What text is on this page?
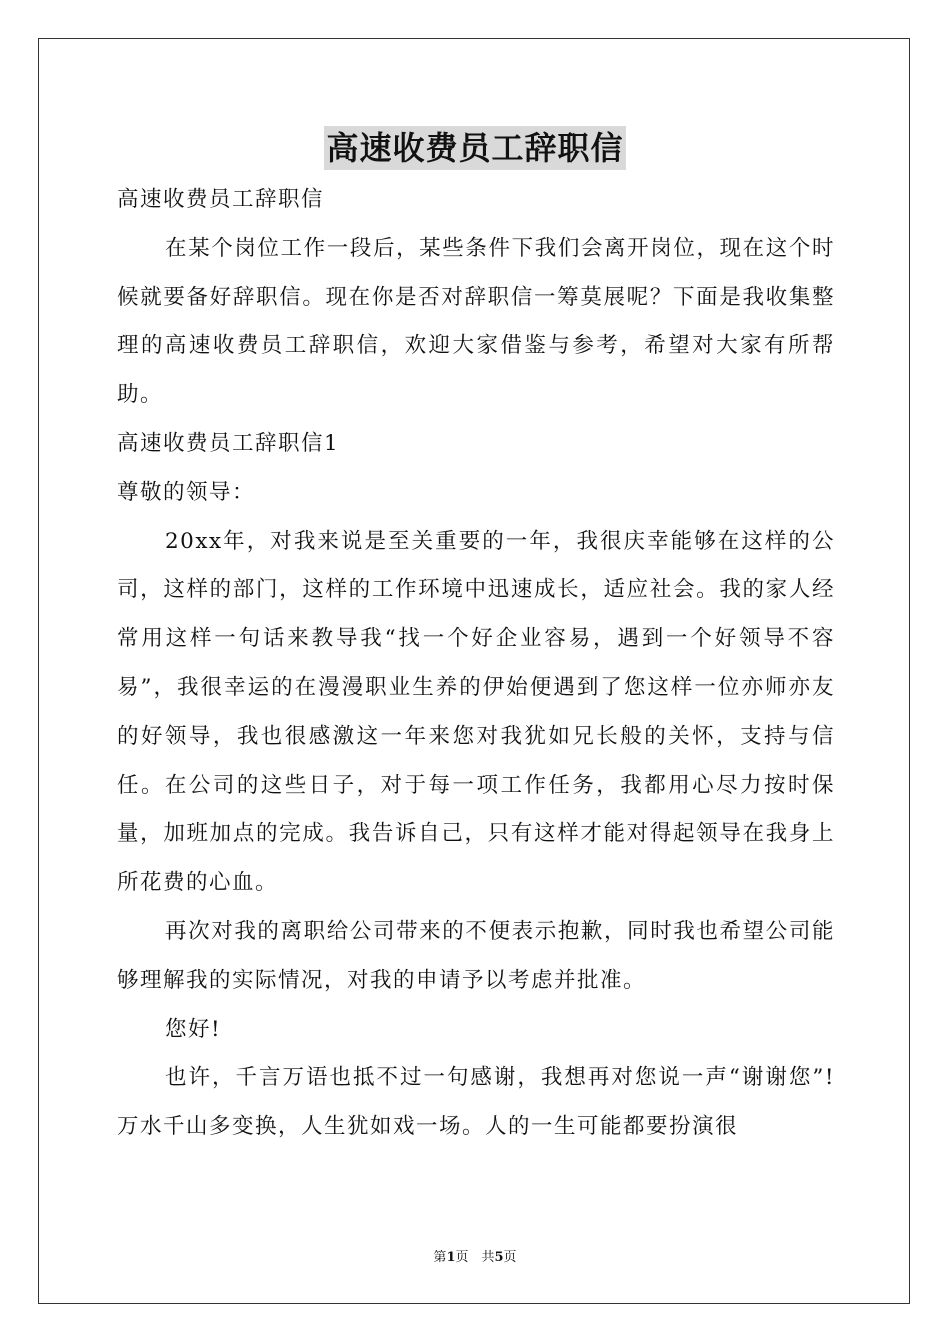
高速收费员工辞职信

高速收费员工辞职信

在某个岗位工作一段后，某些条件下我们会离开岗位，现在这个时候就要备好辞职信。现在你是否对辞职信一筹莫展呢？下面是我收集整理的高速收费员工辞职信，欢迎大家借鉴与参考，希望对大家有所帮助。

高速收费员工辞职信1

尊敬的领导：

20xx年，对我来说是至关重要的一年，我很庆幸能够在这样的公司，这样的部门，这样的工作环境中迅速成长，适应社会。我的家人经常用这样一句话来教导我“找一个好企业容易，遇到一个好领导不容易”，我很幸运的在漫漫职业生养的伊始便遇到了您这样一位亦师亦友的好领导，我也很感激这一年来您对我犹如兄长般的关怀，支持与信任。在公司的这些日子，对于每一项工作任务，我都用心尽力按时保量，加班加点的完成。我告诉自己，只有这样才能对得起领导在我身上所花费的心血。

再次对我的离职给公司带来的不便表示抱歉，同时我也希望公司能够理解我的实际情况，对我的申请予以考虑并批准。

您好!

也许，千言万语也抵不过一句感谢，我想再对您说一声“谢谢您”!万水千山多变换，人生犹如戏一场。人的一生可能都要扮演很

第1页　共5页
